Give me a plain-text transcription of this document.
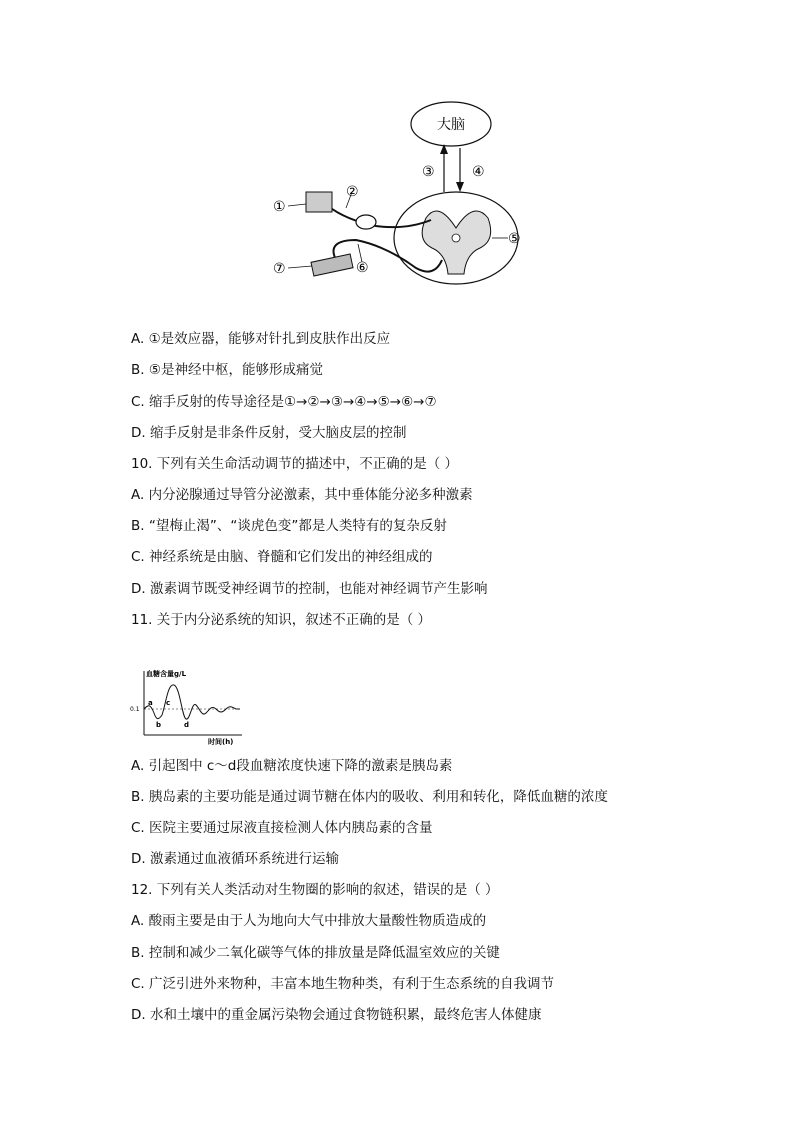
大脑
①
②
③	④
⑤
⑥
⑦
A. ①是效应器，能够对针扎到皮肤作出反应
B. ⑤是神经中枢，能够形成痛觉
C. 缩手反射的传导途径是①→②→③→④→⑤→⑥→⑦
D. 缩手反射是非条件反射，受大脑皮层的控制
10. 下列有关生命活动调节的描述中，不正确的是（ ）
A. 内分泌腺通过导管分泌激素，其中垂体能分泌多种激素
B. “望梅止渴”、“谈虎色变”都是人类特有的复杂反射
C. 神经系统是由脑、脊髓和它们发出的神经组成的
D. 激素调节既受神经调节的控制，也能对神经调节产生影响
11. 关于内分泌系统的知识，叙述不正确的是（ ）
血糖含量g/L
时间(h)
0.1
a
b
c
d
A. 引起图中 c～d段血糖浓度快速下降的激素是胰岛素
B. 胰岛素的主要功能是通过调节糖在体内的吸收、利用和转化，降低血糖的浓度
C. 医院主要通过尿液直接检测人体内胰岛素的含量
D. 激素通过血液循环系统进行运输
12. 下列有关人类活动对生物圈的影响的叙述，错误的是（ ）
A. 酸雨主要是由于人为地向大气中排放大量酸性物质造成的
B. 控制和减少二氧化碳等气体的排放量是降低温室效应的关键
C. 广泛引进外来物种，丰富本地生物种类，有利于生态系统的自我调节
D. 水和土壤中的重金属污染物会通过食物链积累，最终危害人体健康
